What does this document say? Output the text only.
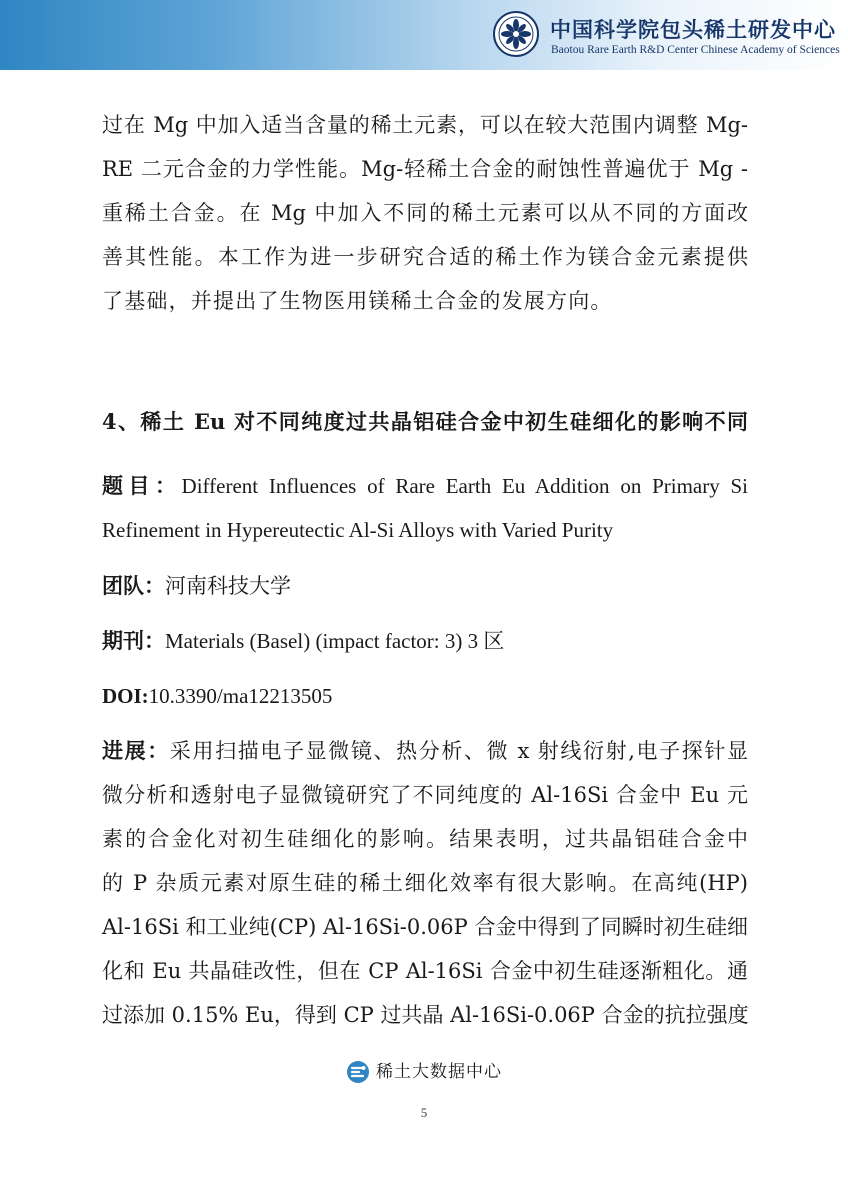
中国科学院包头稀土研发中心
Baotou Rare Earth R&D Center Chinese Academy of Sciences
过在 Mg 中加入适当含量的稀土元素，可以在较大范围内调整 Mg-
RE 二元合金的力学性能。Mg-轻稀土合金的耐蚀性普遍优于 Mg -
重稀土合金。在 Mg 中加入不同的稀土元素可以从不同的方面改
善其性能。本工作为进一步研究合适的稀土作为镁合金元素提供
了基础，并提出了生物医用镁稀土合金的发展方向。
4、稀土 Eu 对不同纯度过共晶铝硅合金中初生硅细化的影响不同
题目：Different Influences of Rare Earth Eu Addition on Primary Si
Refinement in Hypereutectic Al-Si Alloys with Varied Purity
团队：河南科技大学
期刊：Materials (Basel) (impact factor: 3) 3 区
DOI:10.3390/ma12213505
进展：采用扫描电子显微镜、热分析、微 x 射线衍射,电子探针显
微分析和透射电子显微镜研究了不同纯度的 Al-16Si 合金中 Eu 元
素的合金化对初生硅细化的影响。结果表明，过共晶铝硅合金中
的 P 杂质元素对原生硅的稀土细化效率有很大影响。在高纯(HP)
Al-16Si 和工业纯(CP) Al-16Si-0.06P 合金中得到了同瞬时初生硅细
化和 Eu 共晶硅改性，但在 CP Al-16Si 合金中初生硅逐渐粗化。通
过添加 0.15% Eu，得到 CP 过共晶 Al-16Si-0.06P 合金的抗拉强度
稀土大数据中心
5
